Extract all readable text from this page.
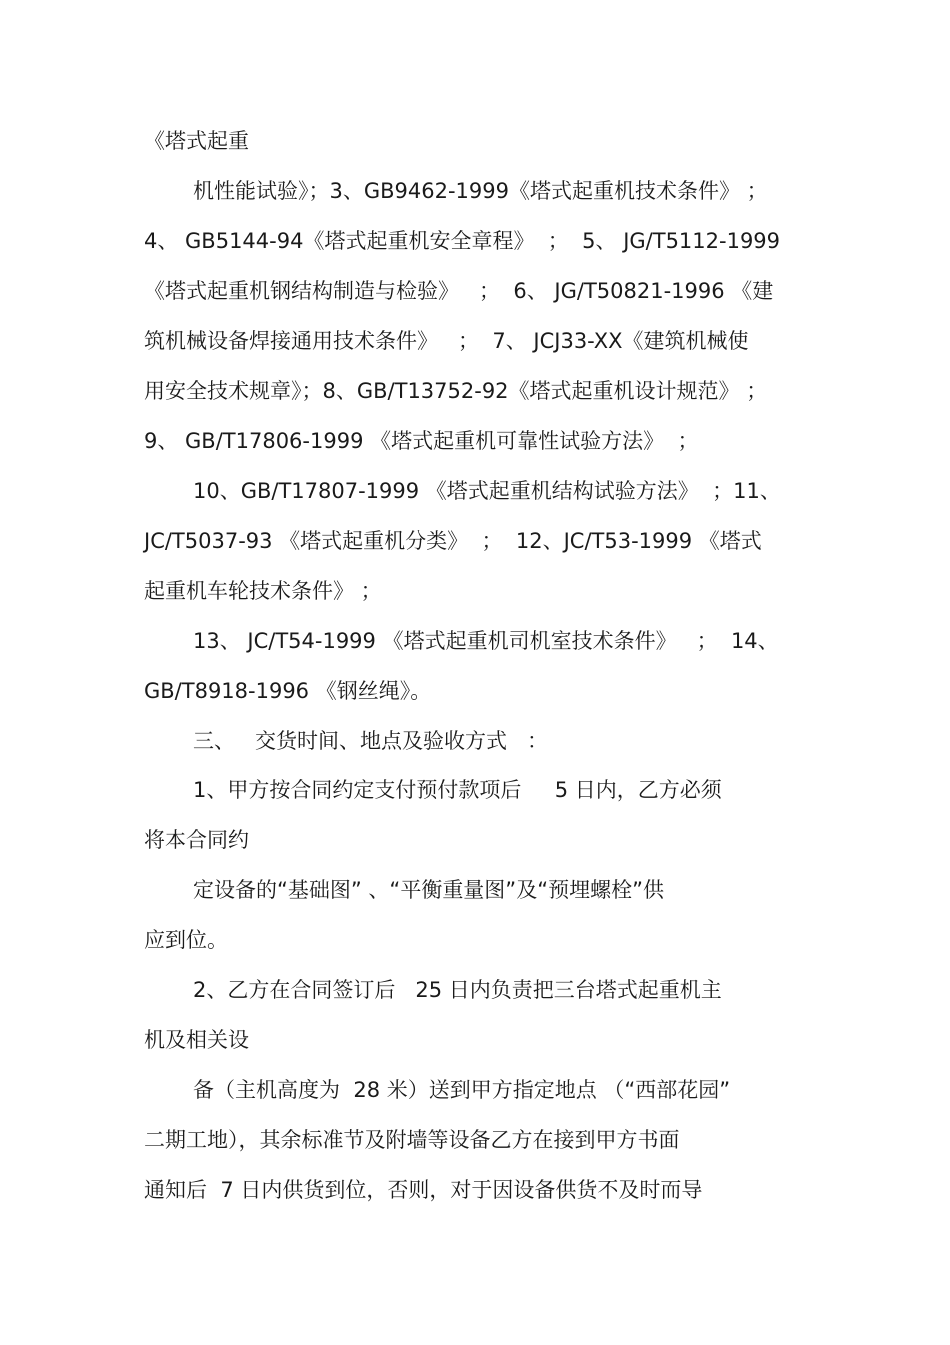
《塔式起重

机性能试验》；3、GB9462-1999《塔式起重机技术条件》 ；

4、 GB5144-94《塔式起重机安全章程》  ；  5、 JG/T5112-1999

《塔式起重机钢结构制造与检验》   ；  6、 JG/T50821-1996 《建

筑机械设备焊接通用技术条件》   ；  7、 JCJ33-XX《建筑机械使

用安全技术规章》；8、GB/T13752-92《塔式起重机设计规范》 ；

9、 GB/T17806-1999 《塔式起重机可靠性试验方法》  ；

10、GB/T17807-1999 《塔式起重机结构试验方法》  ；11、

JC/T5037-93 《塔式起重机分类》  ；  12、JC/T53-1999 《塔式

起重机车轮技术条件》 ；

13、 JC/T54-1999 《塔式起重机司机室技术条件》   ；  14、

GB/T8918-1996 《钢丝绳》。

三、   交货时间、地点及验收方式   ：

1、甲方按合同约定支付预付款项后     5 日内，乙方必须

将本合同约

定设备的“基础图” 、“平衡重量图”及“预埋螺栓”供

应到位。

2、乙方在合同签订后   25 日内负责把三台塔式起重机主

机及相关设

备（主机高度为  28 米）送到甲方指定地点 （“西部花园”

二期工地），其余标准节及附墙等设备乙方在接到甲方书面

通知后  7 日内供货到位，否则，对于因设备供货不及时而导
